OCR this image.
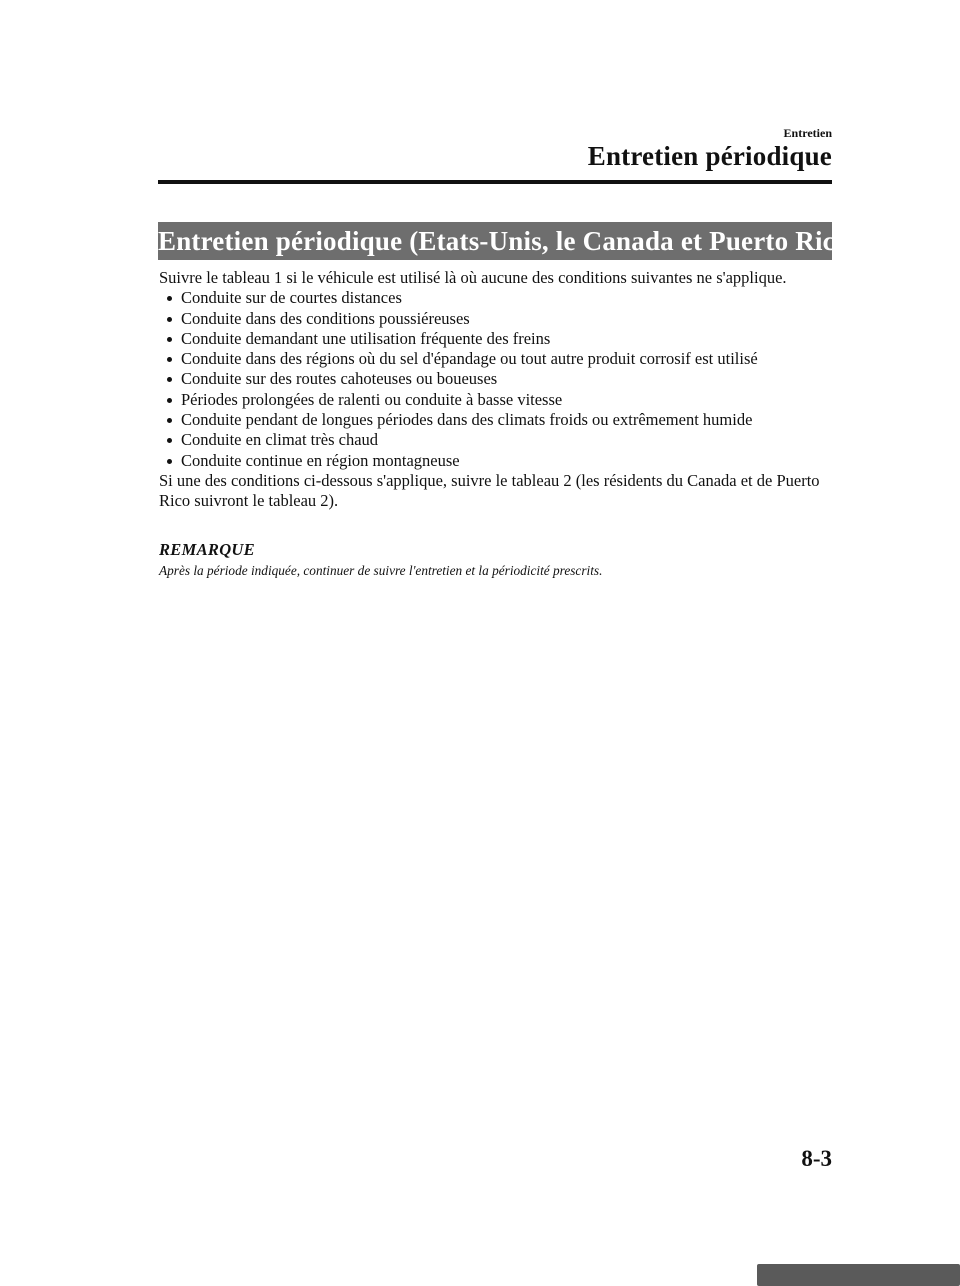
Entretien
Entretien périodique
Entretien périodique (Etats-Unis, le Canada et Puerto Rico)

Suivre le tableau 1 si le véhicule est utilisé là où aucune des conditions suivantes ne s'applique.

Conduite sur de courtes distances
Conduite dans des conditions poussiéreuses
Conduite demandant une utilisation fréquente des freins
Conduite dans des régions où du sel d'épandage ou tout autre produit corrosif est utilisé
Conduite sur des routes cahoteuses ou boueuses
Périodes prolongées de ralenti ou conduite à basse vitesse
Conduite pendant de longues périodes dans des climats froids ou extrêmement humide
Conduite en climat très chaud
Conduite continue en région montagneuse

Si une des conditions ci-dessous s'applique, suivre le tableau 2 (les résidents du Canada et de Puerto Rico suivront le tableau 2).

REMARQUE
Après la période indiquée, continuer de suivre l'entretien et la périodicité prescrits.
8-3
